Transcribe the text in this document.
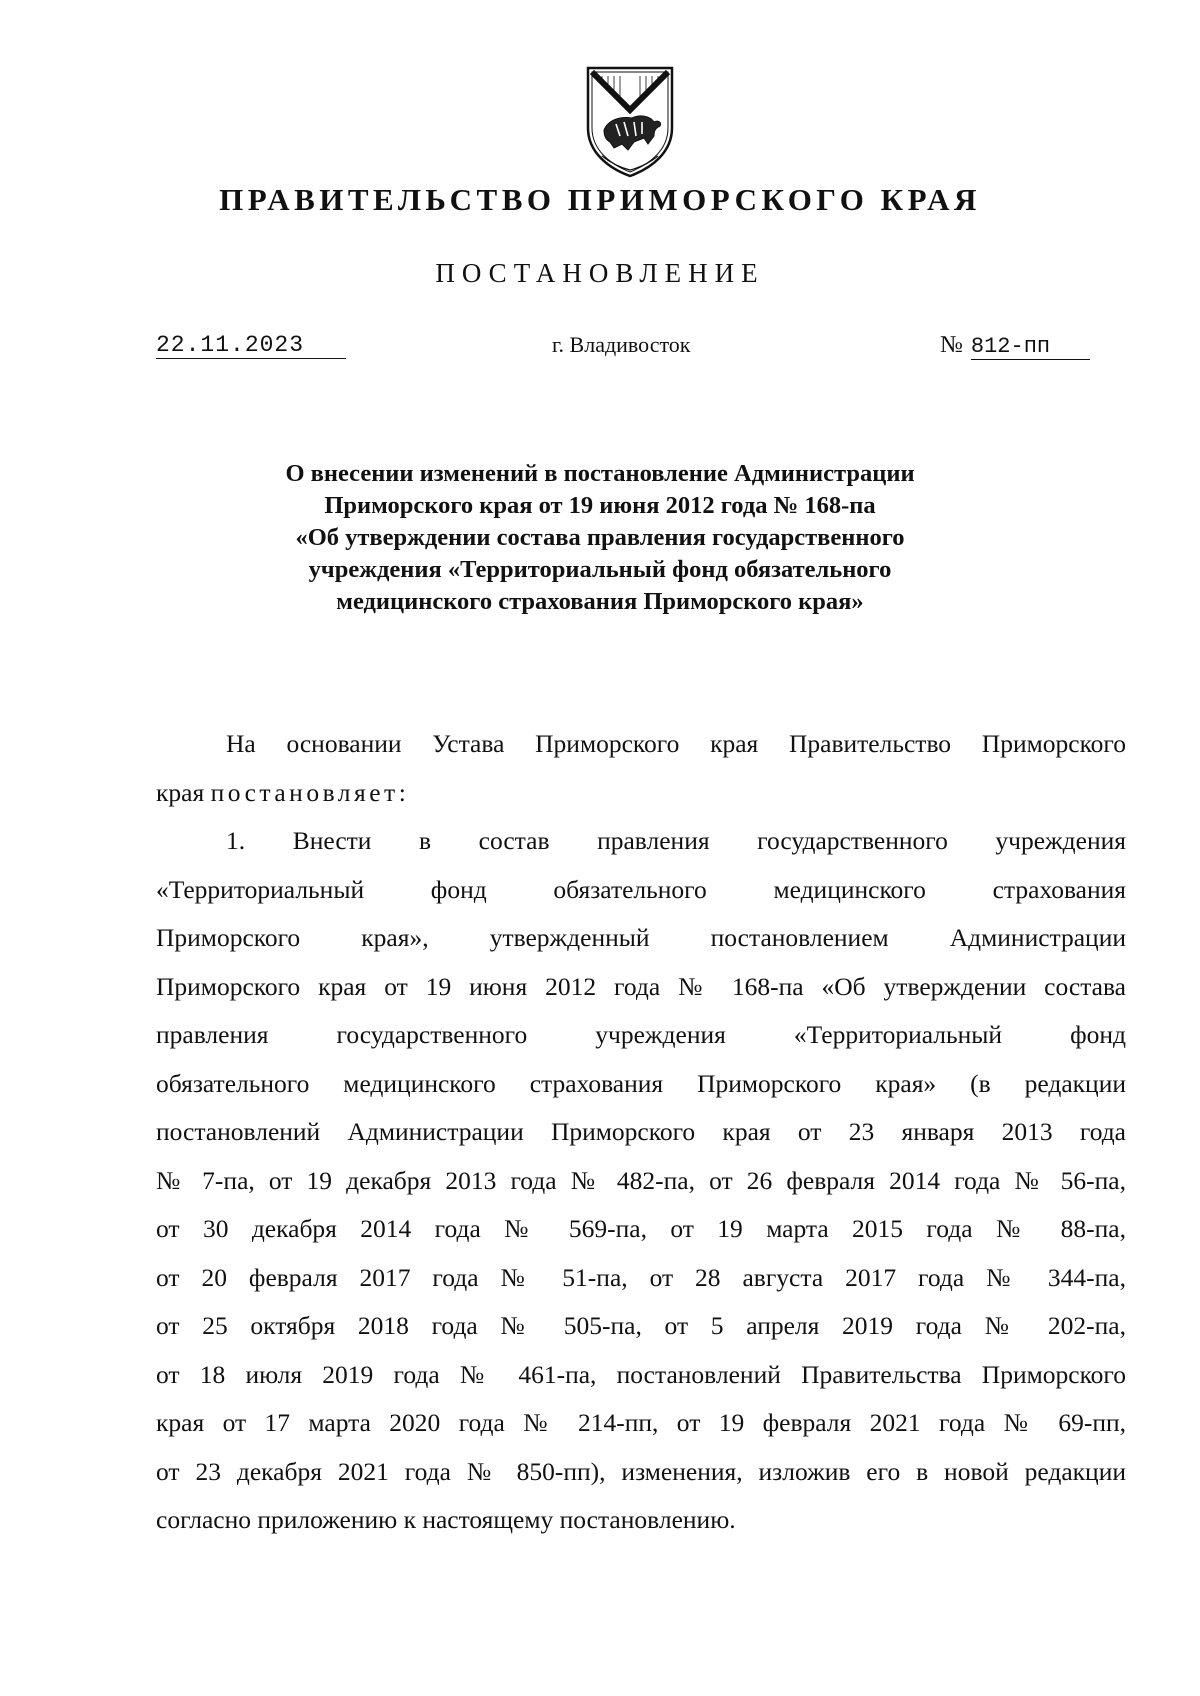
ПРАВИТЕЛЬСТВО ПРИМОРСКОГО КРАЯ
ПОСТАНОВЛЕНИЕ
22.11.2023	г. Владивосток	№ 812-пп
О внесении изменений в постановление Администрации
Приморского края от 19 июня 2012 года № 168-па
«Об утверждении состава правления государственного
учреждения «Территориальный фонд обязательного
медицинского страхования Приморского края»
На основании Устава Приморского края Правительство Приморского
края постановляет:
1. Внести в состав правления государственного учреждения
«Территориальный фонд обязательного медицинского страхования
Приморского края», утвержденный постановлением Администрации
Приморского края от 19 июня 2012 года № 168-па «Об утверждении состава
правления государственного учреждения «Территориальный фонд
обязательного медицинского страхования Приморского края» (в редакции
постановлений Администрации Приморского края от 23 января 2013 года
№ 7-па, от 19 декабря 2013 года № 482-па, от 26 февраля 2014 года № 56-па,
от 30 декабря 2014 года № 569-па, от 19 марта 2015 года № 88-па,
от 20 февраля 2017 года № 51-па, от 28 августа 2017 года № 344-па,
от 25 октября 2018 года № 505-па, от 5 апреля 2019 года № 202-па,
от 18 июля 2019 года № 461-па, постановлений Правительства Приморского
края от 17 марта 2020 года № 214-пп, от 19 февраля 2021 года № 69-пп,
от 23 декабря 2021 года № 850-пп), изменения, изложив его в новой редакции
согласно приложению к настоящему постановлению.
